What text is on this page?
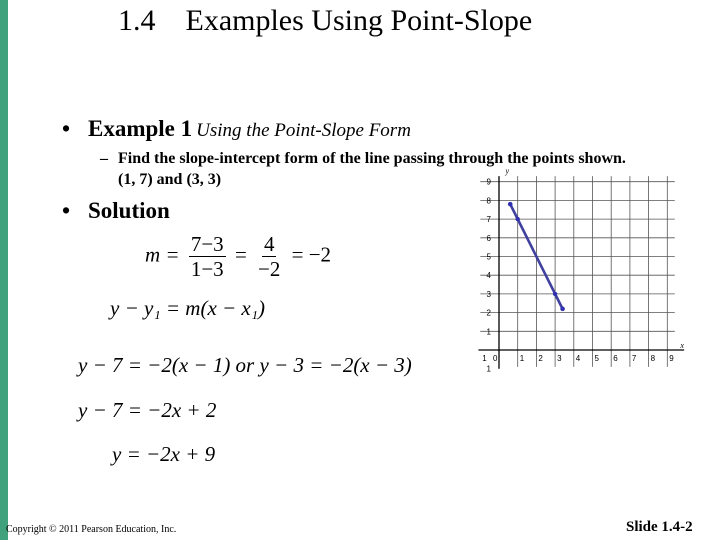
1.4    Examples Using Point-Slope
• Example 1 Using the Point-Slope Form
– Find the slope-intercept form of the line passing through the points shown.
(1, 7) and (3, 3)
• Solution
$m = \frac{7-3}{1-3} = \frac{4}{-2} = -2$
y − y₁ = m(x − x₁)
y − 7 = −2(x − 1) or y − 3 = −2(x − 3)
y − 7 = −2x + 2
y = −2x + 9
x
y
1 0	1 2 3 4 5 6 7 8 9
9
8
7
6
5
4
3
2
1
1
Copyright © 2011 Pearson Education, Inc.	Slide 1.4-2
